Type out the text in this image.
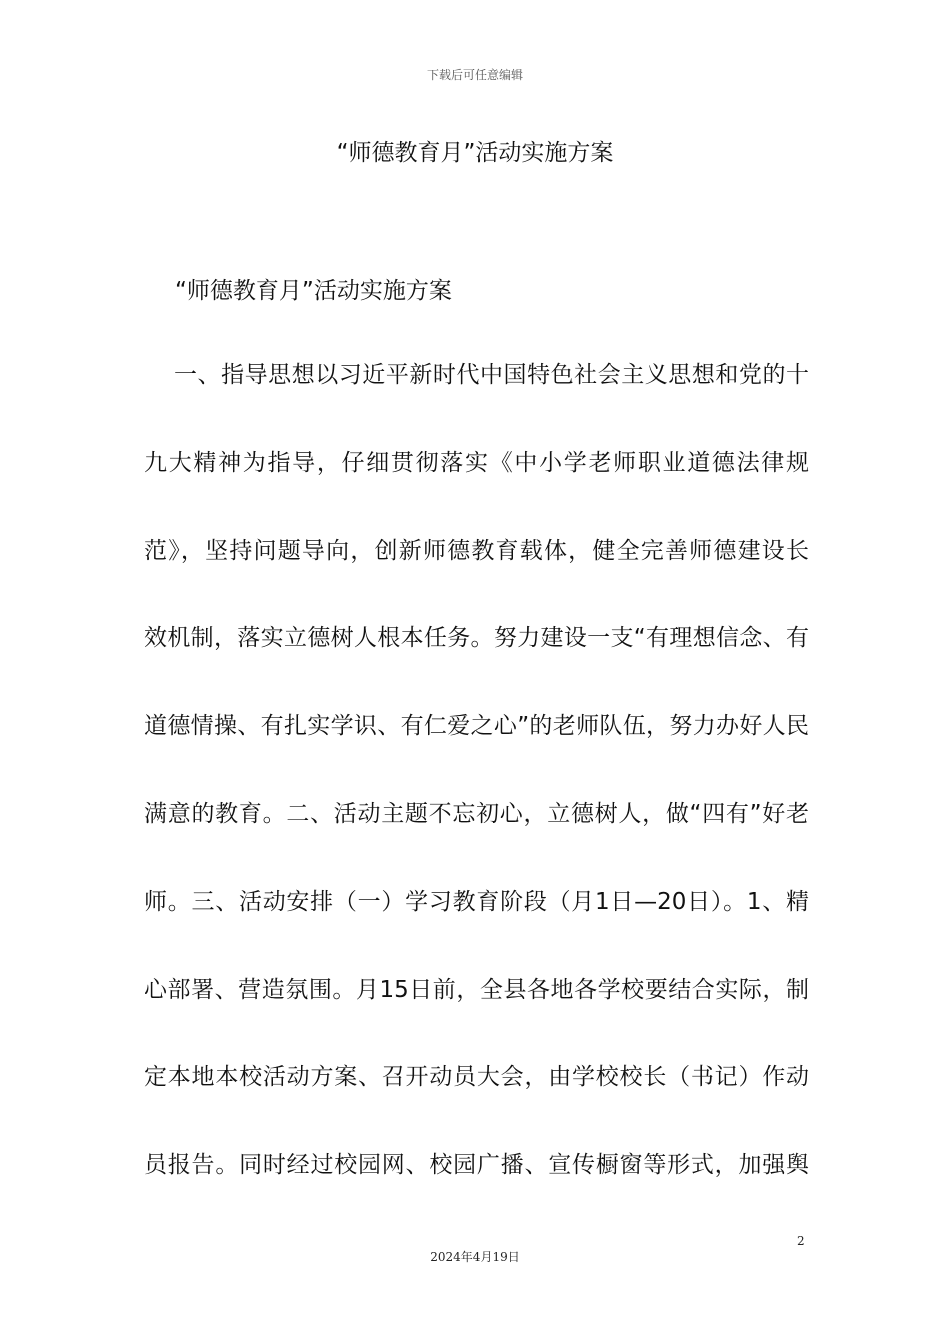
下载后可任意编辑
“师德教育月”活动实施方案
“师德教育月”活动实施方案
一、指导思想以习近平新时代中国特色社会主义思想和党的十
九大精神为指导，仔细贯彻落实《中小学老师职业道德法律规
范》，坚持问题导向，创新师德教育载体，健全完善师德建设长
效机制，落实立德树人根本任务。努力建设一支“有理想信念、有
道德情操、有扎实学识、有仁爱之心”的老师队伍，努力办好人民
满意的教育。二、活动主题不忘初心，立德树人，做“四有”好老
师。三、活动安排（一）学习教育阶段（月1日—20日）。1、精
心部署、营造氛围。月15日前，全县各地各学校要结合实际，制
定本地本校活动方案、召开动员大会，由学校校长（书记）作动
员报告。同时经过校园网、校园广播、宣传橱窗等形式，加强舆
2
2024年4月19日
